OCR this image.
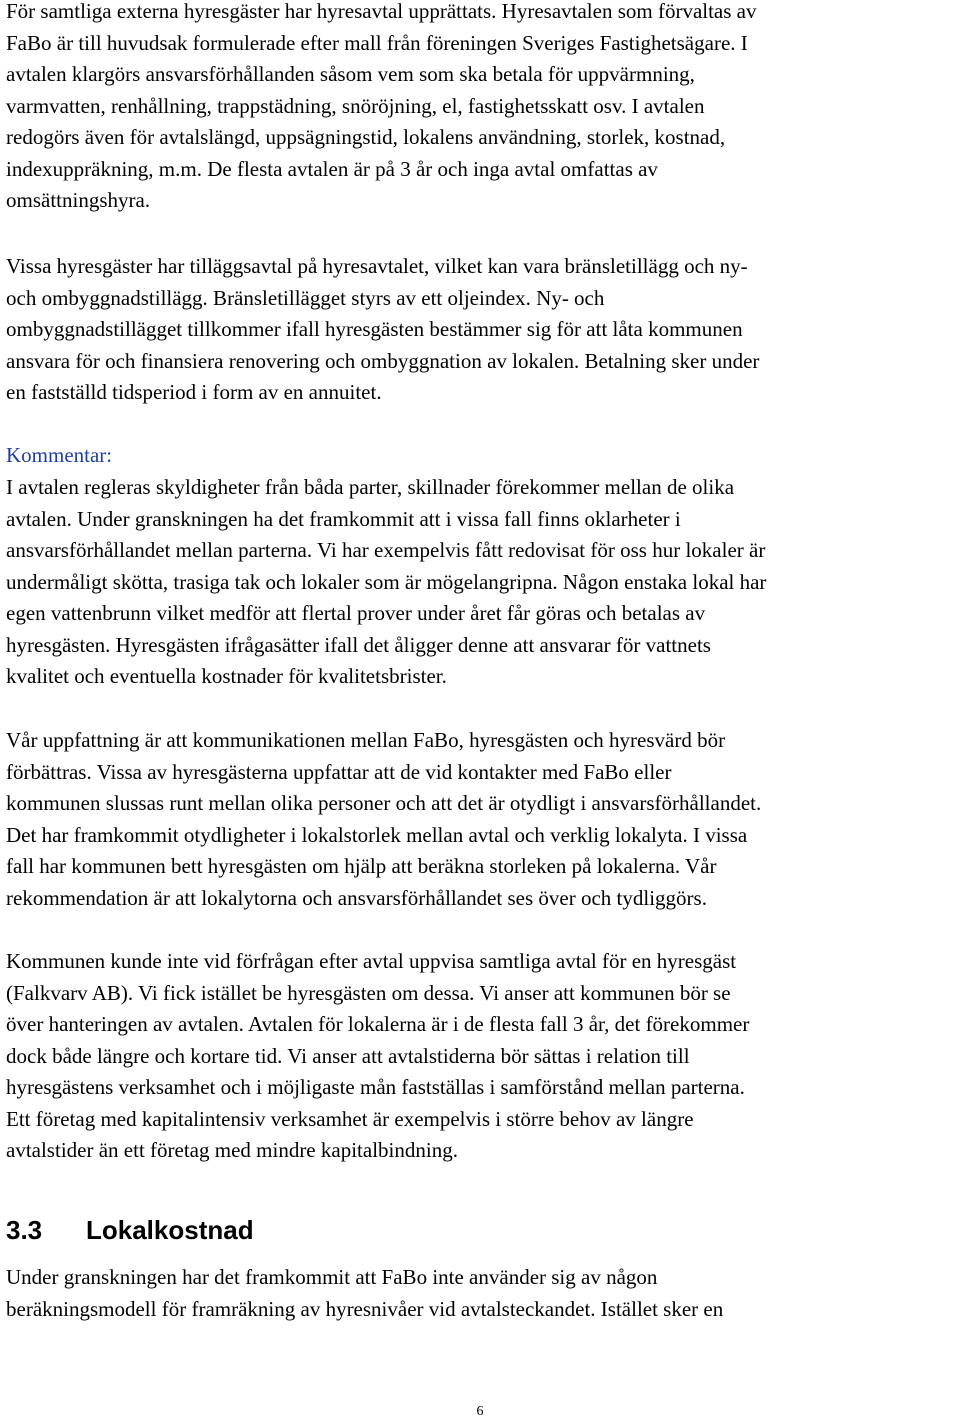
För samtliga externa hyresgäster har hyresavtal upprättats. Hyresavtalen som förvaltas av
FaBo är till huvudsak formulerade efter mall från föreningen Sveriges Fastighetsägare. I
avtalen klargörs ansvarsförhållanden såsom vem som ska betala för uppvärmning,
varmvatten, renhållning, trappstädning, snöröjning, el, fastighetsskatt osv. I avtalen
redogörs även för avtalslängd, uppsägningstid, lokalens användning, storlek, kostnad,
indexuppräkning, m.m. De flesta avtalen är på 3 år och inga avtal omfattas av
omsättningshyra.

Vissa hyresgäster har tilläggsavtal på hyresavtalet, vilket kan vara bränsletillägg och ny-
och ombyggnadstillägg. Bränsletillägget styrs av ett oljeindex. Ny- och
ombyggnadstillägget tillkommer ifall hyresgästen bestämmer sig för att låta kommunen
ansvara för och finansiera renovering och ombyggnation av lokalen. Betalning sker under
en fastställd tidsperiod i form av en annuitet.

Kommentar:

I avtalen regleras skyldigheter från båda parter, skillnader förekommer mellan de olika
avtalen. Under granskningen ha det framkommit att i vissa fall finns oklarheter i
ansvarsförhållandet mellan parterna. Vi har exempelvis fått redovisat för oss hur lokaler är
undermåligt skötta, trasiga tak och lokaler som är mögelangripna. Någon enstaka lokal har
egen vattenbrunn vilket medför att flertal prover under året får göras och betalas av
hyresgästen. Hyresgästen ifrågasätter ifall det åligger denne att ansvarar för vattnets
kvalitet och eventuella kostnader för kvalitetsbrister.

Vår uppfattning är att kommunikationen mellan FaBo, hyresgästen och hyresvärd bör
förbättras. Vissa av hyresgästerna uppfattar att de vid kontakter med FaBo eller
kommunen slussas runt mellan olika personer och att det är otydligt i ansvarsförhållandet.
Det har framkommit otydligheter i lokalstorlek mellan avtal och verklig lokalyta. I vissa
fall har kommunen bett hyresgästen om hjälp att beräkna storleken på lokalerna. Vår
rekommendation är att lokalytorna och ansvarsförhållandet ses över och tydliggörs.

Kommunen kunde inte vid förfrågan efter avtal uppvisa samtliga avtal för en hyresgäst
(Falkvarv AB). Vi fick istället be hyresgästen om dessa. Vi anser att kommunen bör se
över hanteringen av avtalen. Avtalen för lokalerna är i de flesta fall 3 år, det förekommer
dock både längre och kortare tid. Vi anser att avtalstiderna bör sättas i relation till
hyresgästens verksamhet och i möjligaste mån fastställas i samförstånd mellan parterna.
Ett företag med kapitalintensiv verksamhet är exempelvis i större behov av längre
avtalstider än ett företag med mindre kapitalbindning.

3.3 Lokalkostnad

Under granskningen har det framkommit att FaBo inte använder sig av någon
beräkningsmodell för framräkning av hyresnivåer vid avtalsteckandet. Istället sker en

6
